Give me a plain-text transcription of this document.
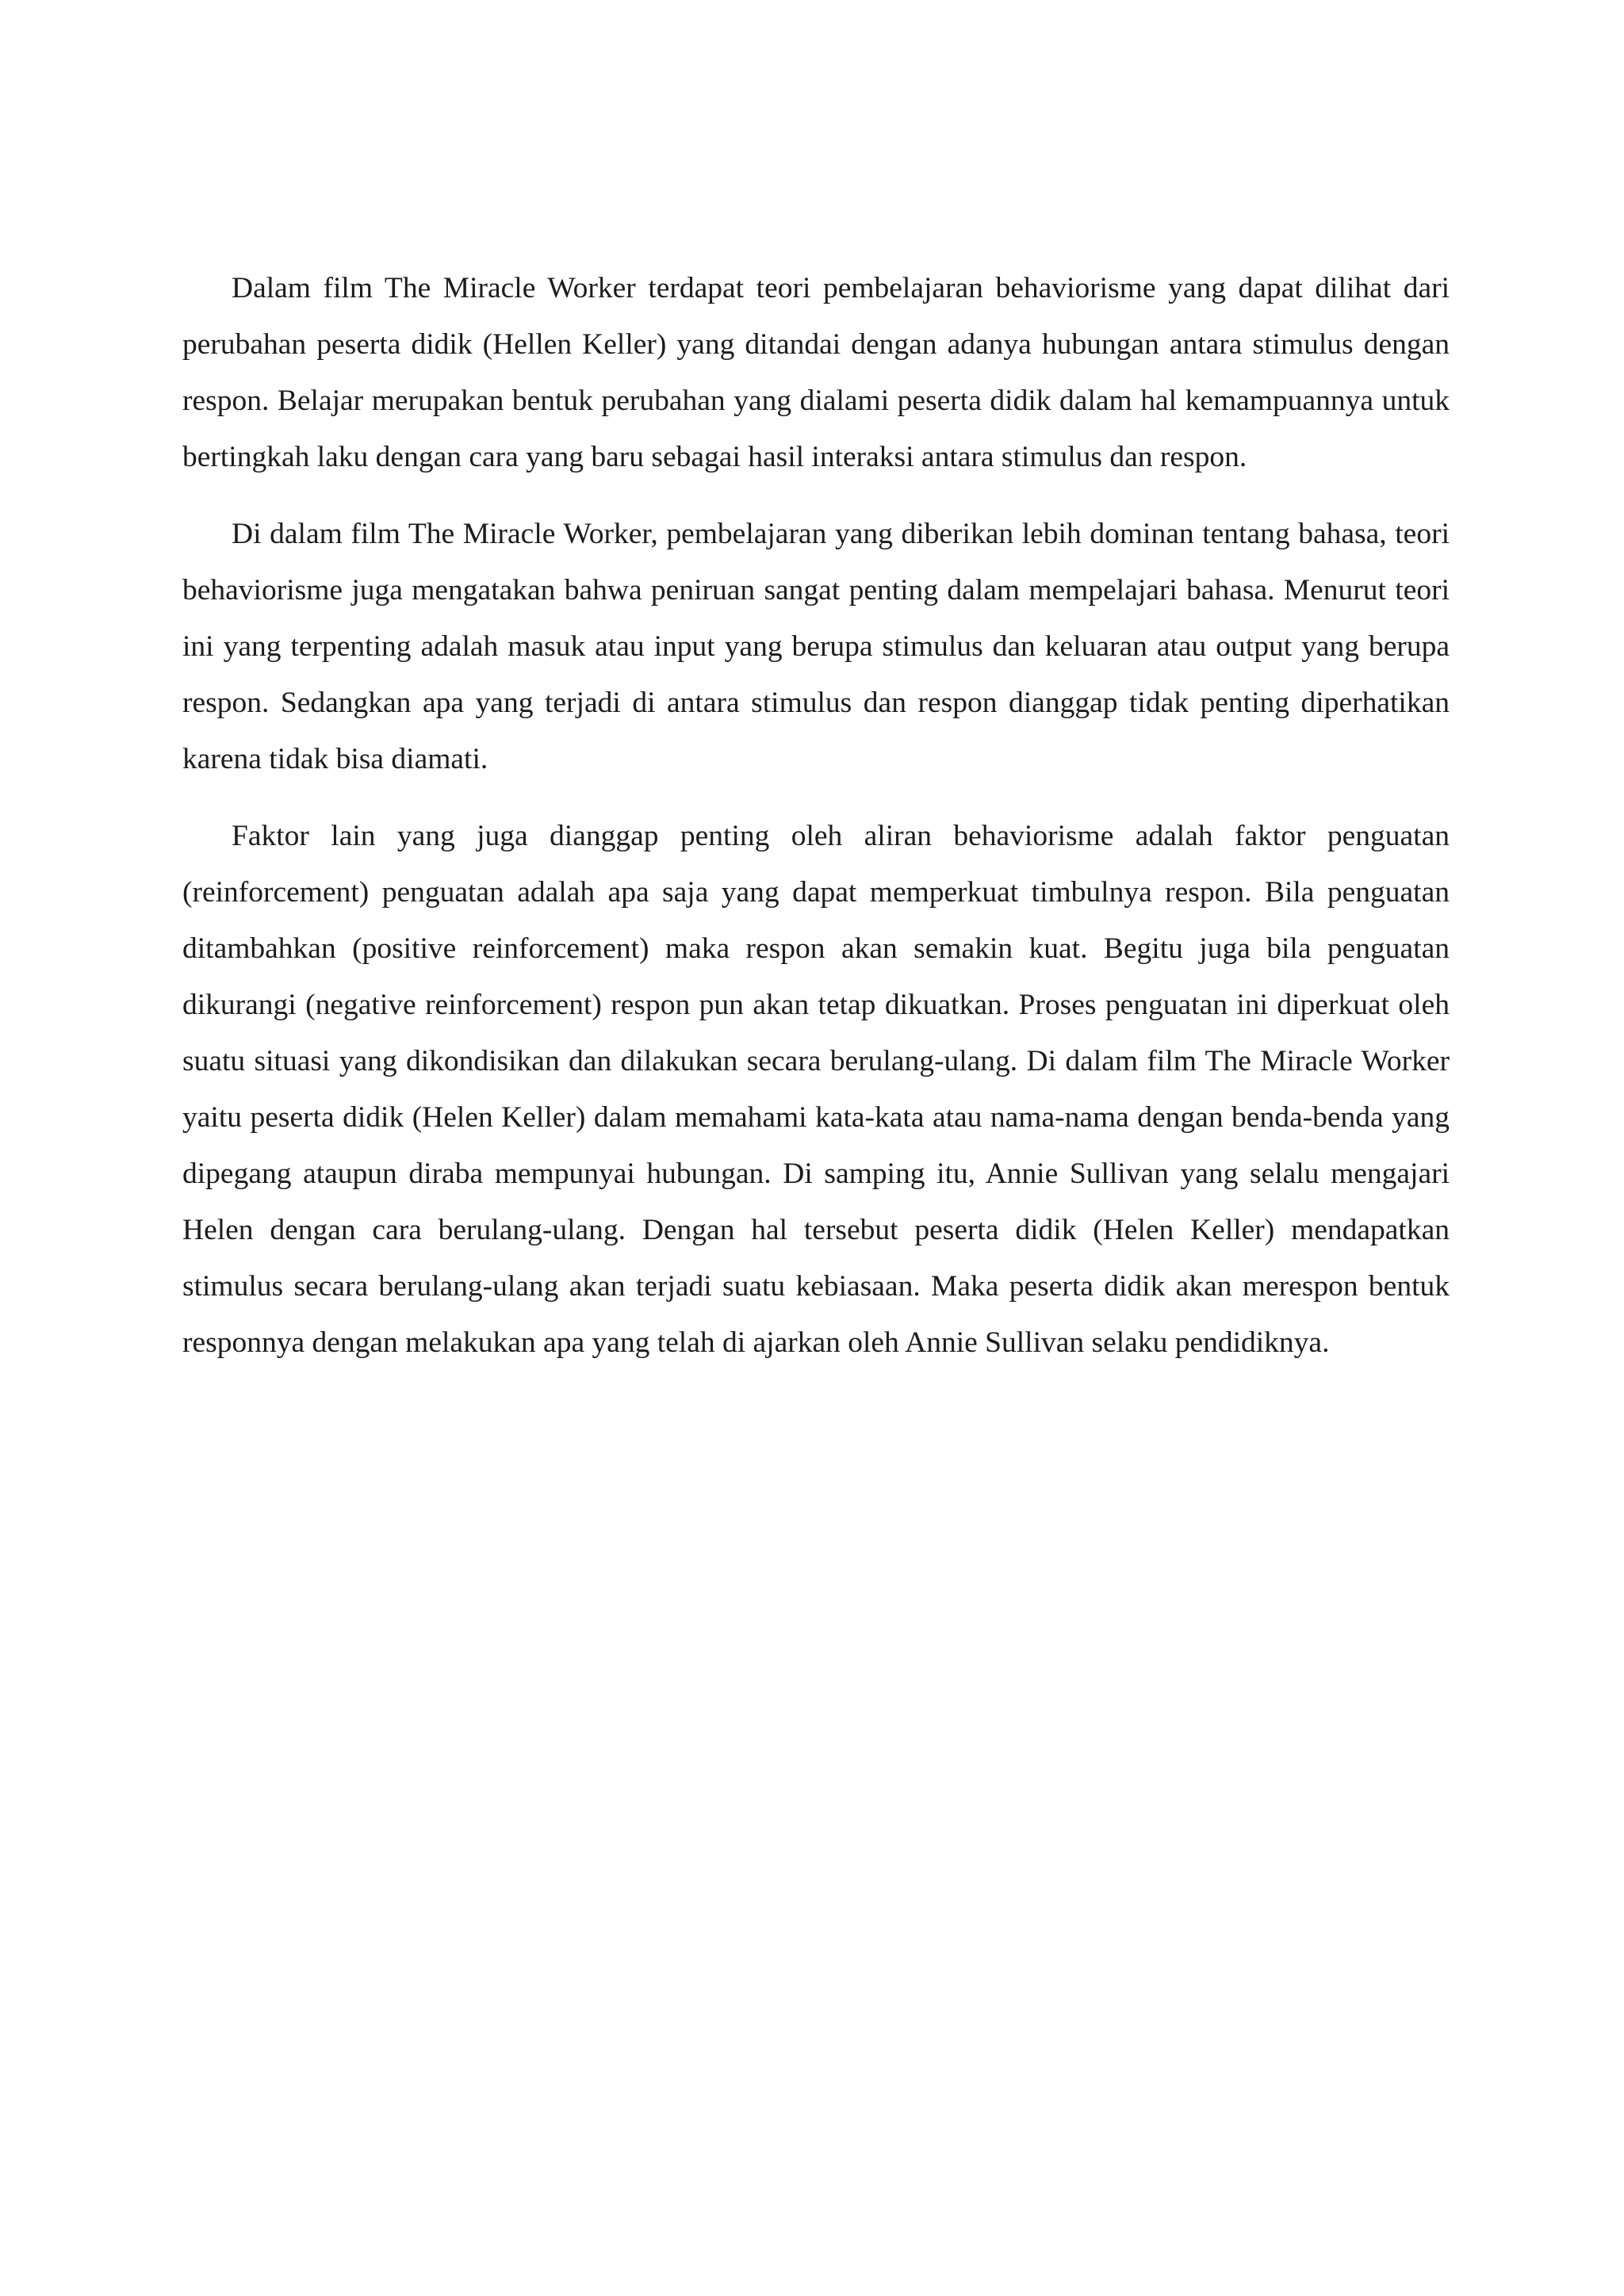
Dalam film The Miracle Worker terdapat teori pembelajaran behaviorisme yang dapat dilihat dari perubahan peserta didik (Hellen Keller) yang ditandai dengan adanya hubungan antara stimulus dengan respon. Belajar merupakan bentuk perubahan yang dialami peserta didik dalam hal kemampuannya untuk bertingkah laku dengan cara yang baru sebagai hasil interaksi antara stimulus dan respon.

Di dalam film The Miracle Worker, pembelajaran yang diberikan lebih dominan tentang bahasa, teori behaviorisme juga mengatakan bahwa peniruan sangat penting dalam mempelajari bahasa. Menurut teori ini yang terpenting adalah masuk atau input yang berupa stimulus dan keluaran atau output yang berupa respon. Sedangkan apa yang terjadi di antara stimulus dan respon dianggap tidak penting diperhatikan karena tidak bisa diamati.

Faktor lain yang juga dianggap penting oleh aliran behaviorisme adalah faktor penguatan (reinforcement) penguatan adalah apa saja yang dapat memperkuat timbulnya respon. Bila penguatan ditambahkan (positive reinforcement) maka respon akan semakin kuat. Begitu juga bila penguatan dikurangi (negative reinforcement) respon pun akan tetap dikuatkan. Proses penguatan ini diperkuat oleh suatu situasi yang dikondisikan dan dilakukan secara berulang-ulang. Di dalam film The Miracle Worker yaitu peserta didik (Helen Keller) dalam memahami kata-kata atau nama-nama dengan benda-benda yang dipegang ataupun diraba mempunyai hubungan. Di samping itu, Annie Sullivan yang selalu mengajari Helen dengan cara berulang-ulang. Dengan hal tersebut peserta didik (Helen Keller) mendapatkan stimulus secara berulang-ulang akan terjadi suatu kebiasaan. Maka peserta didik akan merespon bentuk responnya dengan melakukan apa yang telah di ajarkan oleh Annie Sullivan selaku pendidiknya.
